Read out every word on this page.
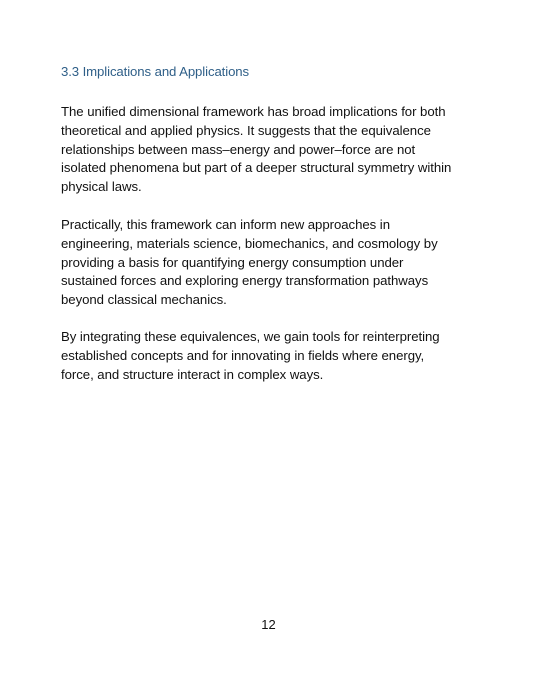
3.3 Implications and Applications
The unified dimensional framework has broad implications for both
theoretical and applied physics. It suggests that the equivalence
relationships between mass–energy and power–force are not
isolated phenomena but part of a deeper structural symmetry within
physical laws.
Practically, this framework can inform new approaches in
engineering, materials science, biomechanics, and cosmology by
providing a basis for quantifying energy consumption under
sustained forces and exploring energy transformation pathways
beyond classical mechanics.
By integrating these equivalences, we gain tools for reinterpreting
established concepts and for innovating in fields where energy,
force, and structure interact in complex ways.
12
